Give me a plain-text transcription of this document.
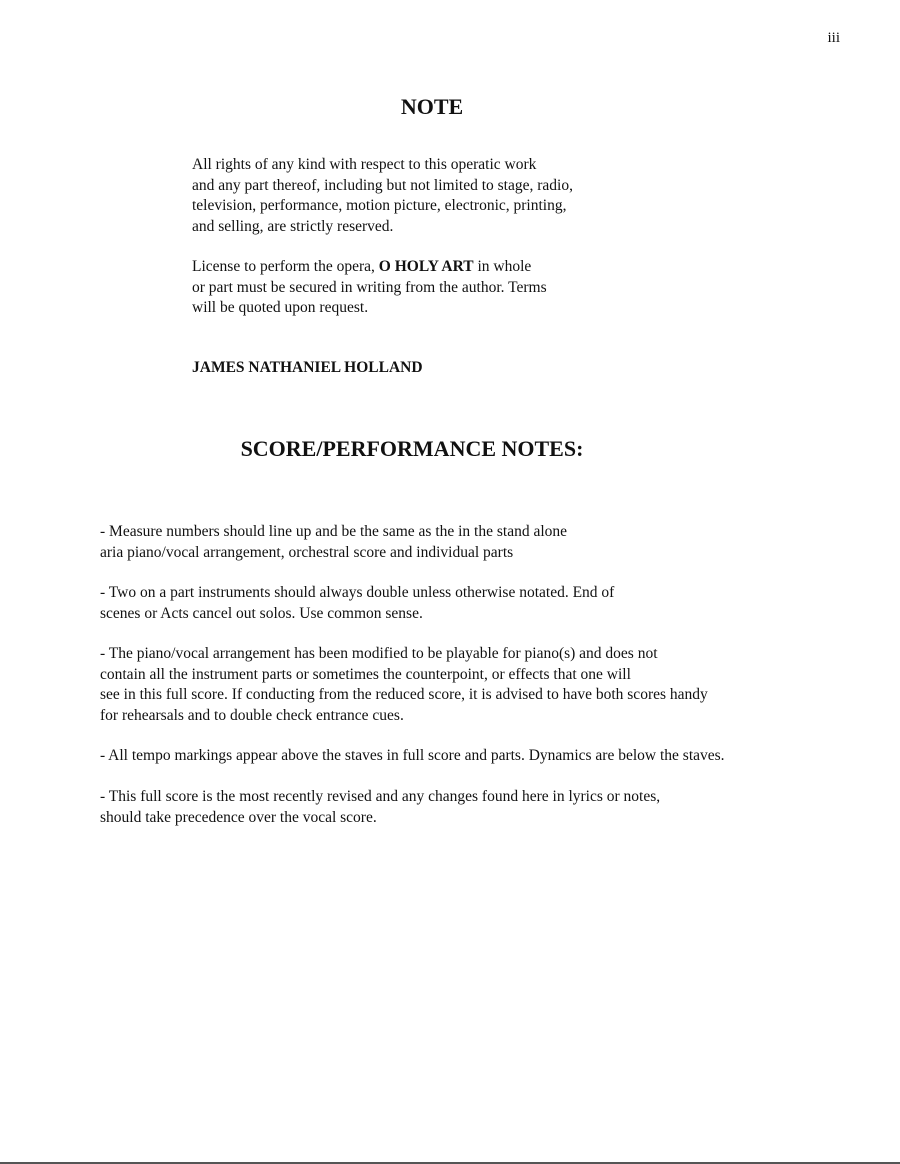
iii
NOTE

All rights of any kind with respect to this operatic work
and any part thereof, including but not limited to stage, radio,
television, performance, motion picture, electronic, printing,
and selling, are strictly reserved.

License to perform the opera, O HOLY ART in whole
or part must be secured in writing from the author. Terms
will be quoted upon request.

JAMES NATHANIEL HOLLAND

SCORE/PERFORMANCE NOTES:

- Measure numbers should line up and be the same as the in the stand alone
aria piano/vocal arrangement, orchestral score and individual parts

- Two on a part instruments should always double unless otherwise notated. End of
scenes or Acts cancel out solos. Use common sense.

- The piano/vocal arrangement has been modified to be playable for piano(s) and does not
contain all the instrument parts or sometimes the counterpoint, or effects that one will
see in this full score. If conducting from the reduced score, it is advised to have both scores handy
for rehearsals and to double check entrance cues.

- All tempo markings appear above the staves in full score and parts. Dynamics are below the staves.

- This full score is the most recently revised and any changes found here in lyrics or notes,
should take precedence over the vocal score.
